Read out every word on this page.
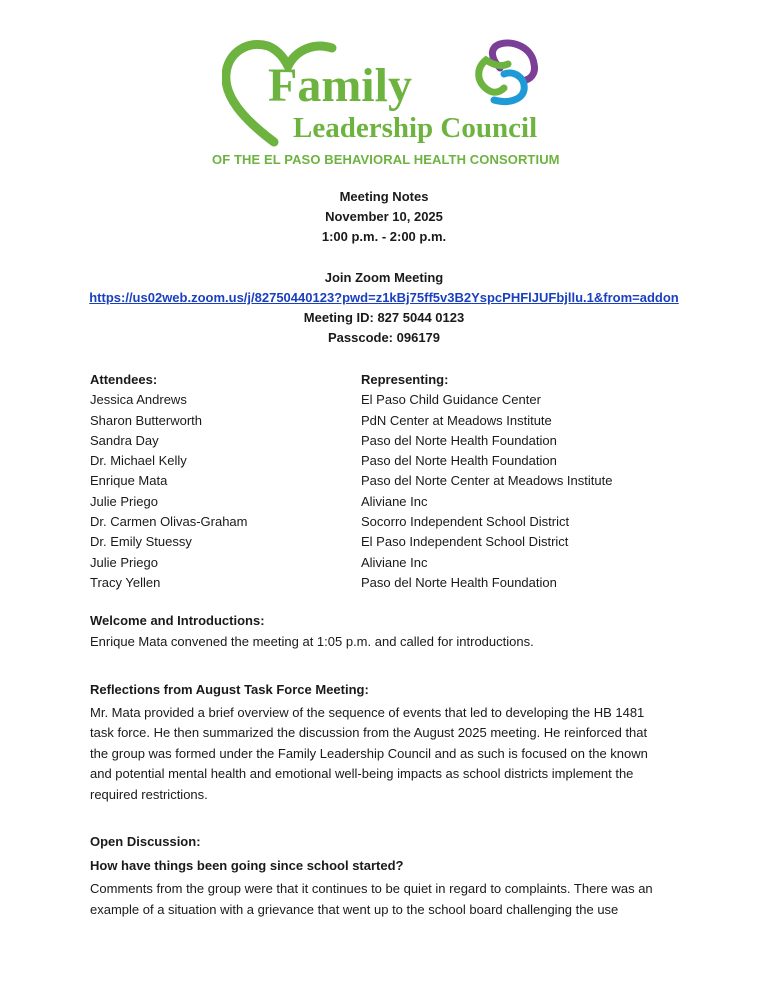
Family
Leadership Council
OF THE EL PASO BEHAVIORAL HEALTH CONSORTIUM
Meeting Notes
November 10, 2025
1:00 p.m. - 2:00 p.m.
Join Zoom Meeting
https://us02web.zoom.us/j/82750440123?pwd=z1kBj75ff5v3B2YspcPHFlJUFbjllu.1&from=addon
Meeting ID: 827 5044 0123
Passcode: 096179
Attendees:	Representing:
Jessica Andrews	El Paso Child Guidance Center
Sharon Butterworth	PdN Center at Meadows Institute
Sandra Day	Paso del Norte Health Foundation
Dr. Michael Kelly	Paso del Norte Health Foundation
Enrique Mata	Paso del Norte Center at Meadows Institute
Julie Priego	Aliviane Inc
Dr. Carmen Olivas-Graham	Socorro Independent School District
Dr. Emily Stuessy	El Paso Independent School District
Julie Priego	Aliviane Inc
Tracy Yellen	Paso del Norte Health Foundation

Welcome and Introductions:

Enrique Mata convened the meeting at 1:05 p.m. and called for introductions.

Reflections from August Task Force Meeting:

Mr. Mata provided a brief overview of the sequence of events that led to developing the HB 1481

task force. He then summarized the discussion from the August 2025 meeting. He reinforced that

the group was formed under the Family Leadership Council and as such is focused on the known

and potential mental health and emotional well-being impacts as school districts implement the

required restrictions.

Open Discussion:

How have things been going since school started?

Comments from the group were that it continues to be quiet in regard to complaints. There was an

example of a situation with a grievance that went up to the school board challenging the use
